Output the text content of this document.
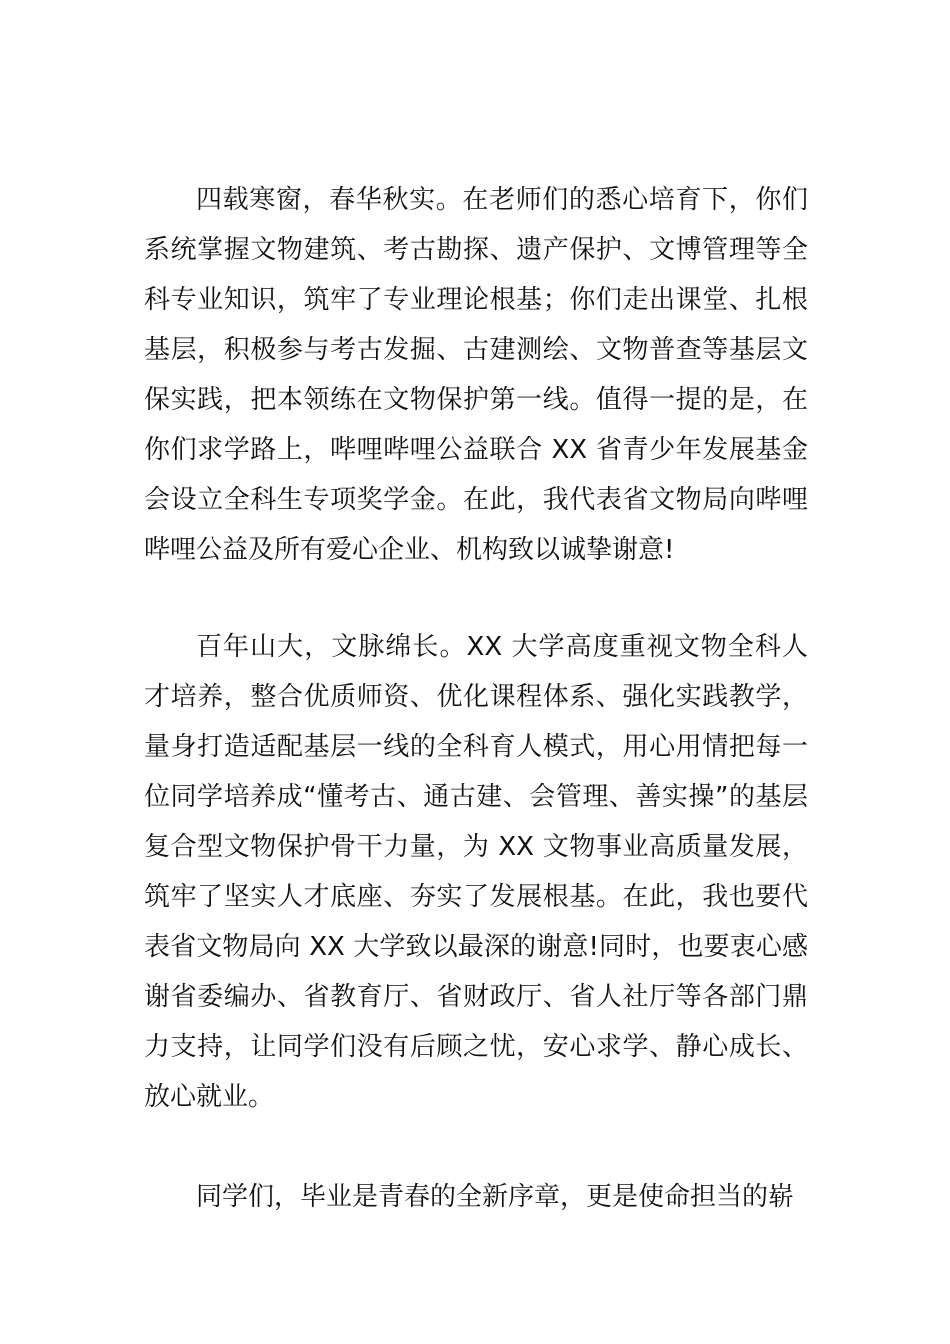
四载寒窗，春华秋实。在老师们的悉心培育下，你们系统掌握文物建筑、考古勘探、遗产保护、文博管理等全科专业知识，筑牢了专业理论根基；你们走出课堂、扎根基层，积极参与考古发掘、古建测绘、文物普查等基层文保实践，把本领练在文物保护第一线。值得一提的是，在你们求学路上，哔哩哔哩公益联合 XX 省青少年发展基金会设立全科生专项奖学金。在此，我代表省文物局向哔哩哔哩公益及所有爱心企业、机构致以诚挚谢意!

百年山大，文脉绵长。XX 大学高度重视文物全科人才培养，整合优质师资、优化课程体系、强化实践教学，量身打造适配基层一线的全科育人模式，用心用情把每一位同学培养成“懂考古、通古建、会管理、善实操”的基层复合型文物保护骨干力量，为 XX 文物事业高质量发展，筑牢了坚实人才底座、夯实了发展根基。在此，我也要代表省文物局向 XX 大学致以最深的谢意!同时，也要衷心感谢省委编办、省教育厅、省财政厅、省人社厅等各部门鼎力支持，让同学们没有后顾之忧，安心求学、静心成长、放心就业。

同学们，毕业是青春的全新序章，更是使命担当的崭
